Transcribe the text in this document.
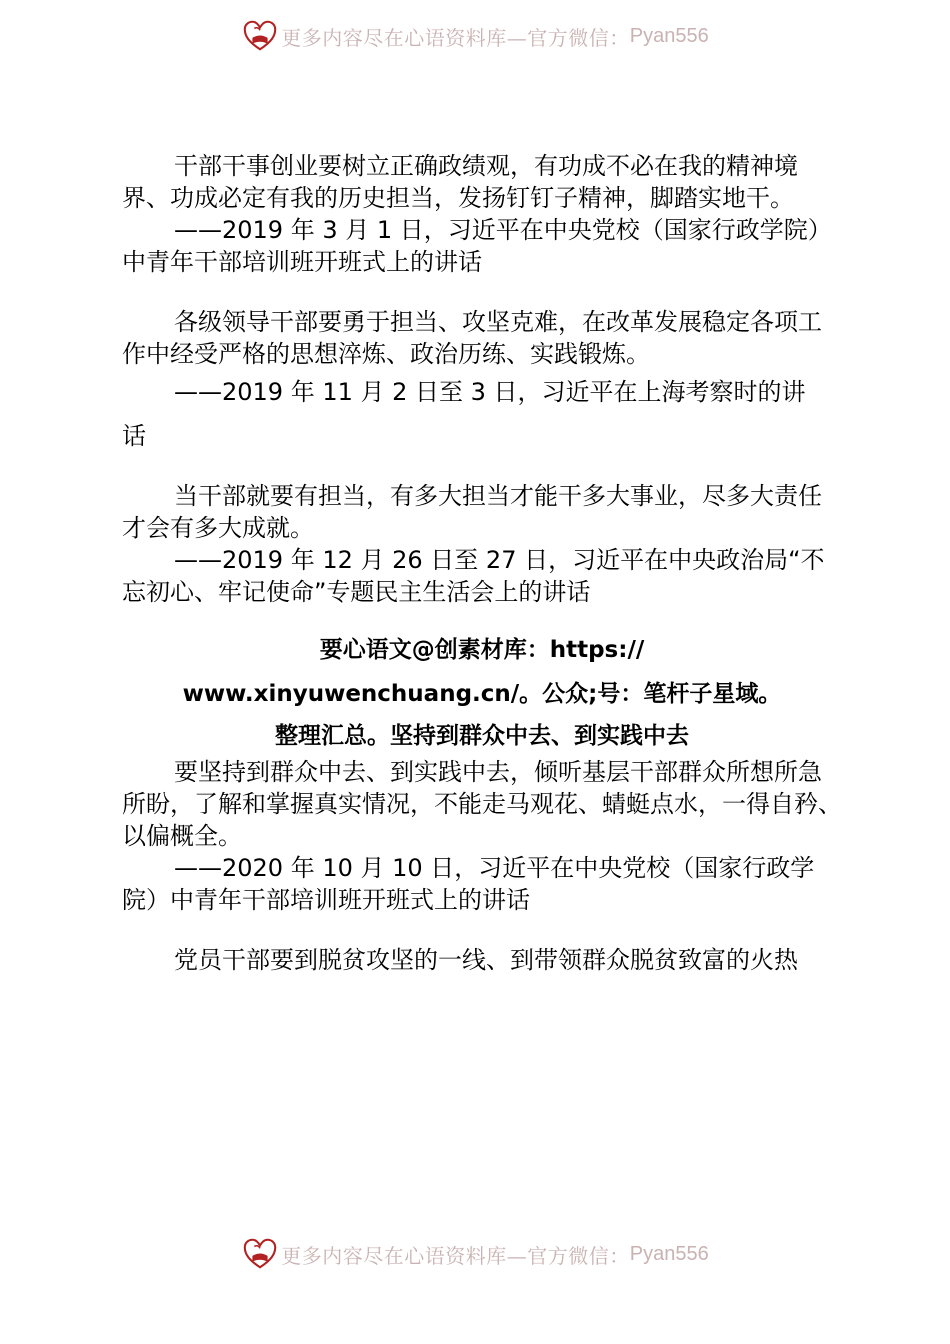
更多内容尽在心语资料库—官方微信： Pyan556

干部干事创业要树立正确政绩观，有功成不必在我的精神境界、功成必定有我的历史担当，发扬钉钉子精神，脚踏实地干。

——2019 年 3 月 1 日，习近平在中央党校（国家行政学院） 中青年干部培训班开班式上的讲话

各级领导干部要勇于担当、攻坚克难，在改革发展稳定各项工作中经受严格的思想淬炼、政治历练、实践锻炼。

——2019 年 11 月 2 日至 3 日，习近平在上海考察时的讲

话

当干部就要有担当，有多大担当才能干多大事业，尽多大责任才会有多大成就。

——2019 年 12 月 26 日至 27 日，习近平在中央政治局“不忘初心、牢记使命”专题民主生活会上的讲话

要心语文@创素材库：https://

www.xinyuwenchuang.cn/。公众;号：笔杆子星域。

整理汇总。坚持到群众中去、到实践中去

要坚持到群众中去、到实践中去，倾听基层干部群众所想所急所盼，了解和掌握真实情况，不能走马观花、蜻蜓点水，一得自矜、以偏概全。

——2020 年 10 月 10 日，习近平在中央党校（国家行政学院）中青年干部培训班开班式上的讲话

党员干部要到脱贫攻坚的一线、到带领群众脱贫致富的火热

更多内容尽在心语资料库—官方微信： Pyan556
